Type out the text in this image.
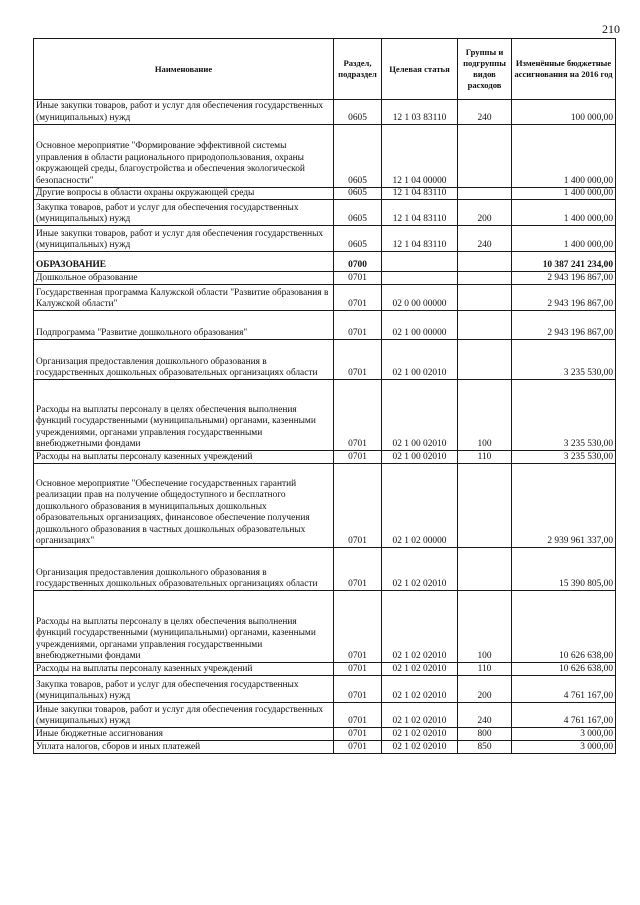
210
Наименование	Раздел, подраздел	Целевая статья	Группы и подгруппы видов расходов	Изменённые бюджетные ассигнования на 2016 год
Иные закупки товаров, работ и услуг для обеспечения государственных (муниципальных) нужд	0605	12 1 03 83110	240	100 000,00
Основное мероприятие "Формирование эффективной системы управления в области рационального природопользования, охраны окружающей среды, благоустройства и обеспечения экологической безопасности"	0605	12 1 04 00000		1 400 000,00
Другие вопросы в области охраны окружающей среды	0605	12 1 04 83110		1 400 000,00
Закупка товаров, работ и услуг для обеспечения государственных (муниципальных) нужд	0605	12 1 04 83110	200	1 400 000,00
Иные закупки товаров, работ и услуг для обеспечения государственных (муниципальных) нужд	0605	12 1 04 83110	240	1 400 000,00
ОБРАЗОВАНИЕ	0700			10 387 241 234,00
Дошкольное образование	0701			2 943 196 867,00
Государственная программа Калужской области "Развитие образования в Калужской области"	0701	02 0 00 00000		2 943 196 867,00
Подпрограмма "Развитие дошкольного образования"	0701	02 1 00 00000		2 943 196 867,00
Организация предоставления дошкольного образования в государственных дошкольных образовательных организациях области	0701	02 1 00 02010		3 235 530,00
Расходы на выплаты персоналу в целях обеспечения выполнения функций государственными (муниципальными) органами, казенными учреждениями, органами управления государственными внебюджетными фондами	0701	02 1 00 02010	100	3 235 530,00
Расходы на выплаты персоналу казенных учреждений	0701	02 1 00 02010	110	3 235 530,00
Основное мероприятие "Обеспечение государственных гарантий реализации прав на получение общедоступного и бесплатного дошкольного образования в муниципальных дошкольных образовательных организациях, финансовое обеспечение получения дошкольного образования в частных дошкольных образовательных организациях"	0701	02 1 02 00000		2 939 961 337,00
Организация предоставления дошкольного образования в государственных дошкольных образовательных организациях области	0701	02 1 02 02010		15 390 805,00
Расходы на выплаты персоналу в целях обеспечения выполнения функций государственными (муниципальными) органами, казенными учреждениями, органами управления государственными внебюджетными фондами	0701	02 1 02 02010	100	10 626 638,00
Расходы на выплаты персоналу казенных учреждений	0701	02 1 02 02010	110	10 626 638,00
Закупка товаров, работ и услуг для обеспечения государственных (муниципальных) нужд	0701	02 1 02 02010	200	4 761 167,00
Иные закупки товаров, работ и услуг для обеспечения государственных (муниципальных) нужд	0701	02 1 02 02010	240	4 761 167,00
Иные бюджетные ассигнования	0701	02 1 02 02010	800	3 000,00
Уплата налогов, сборов и иных платежей	0701	02 1 02 02010	850	3 000,00
